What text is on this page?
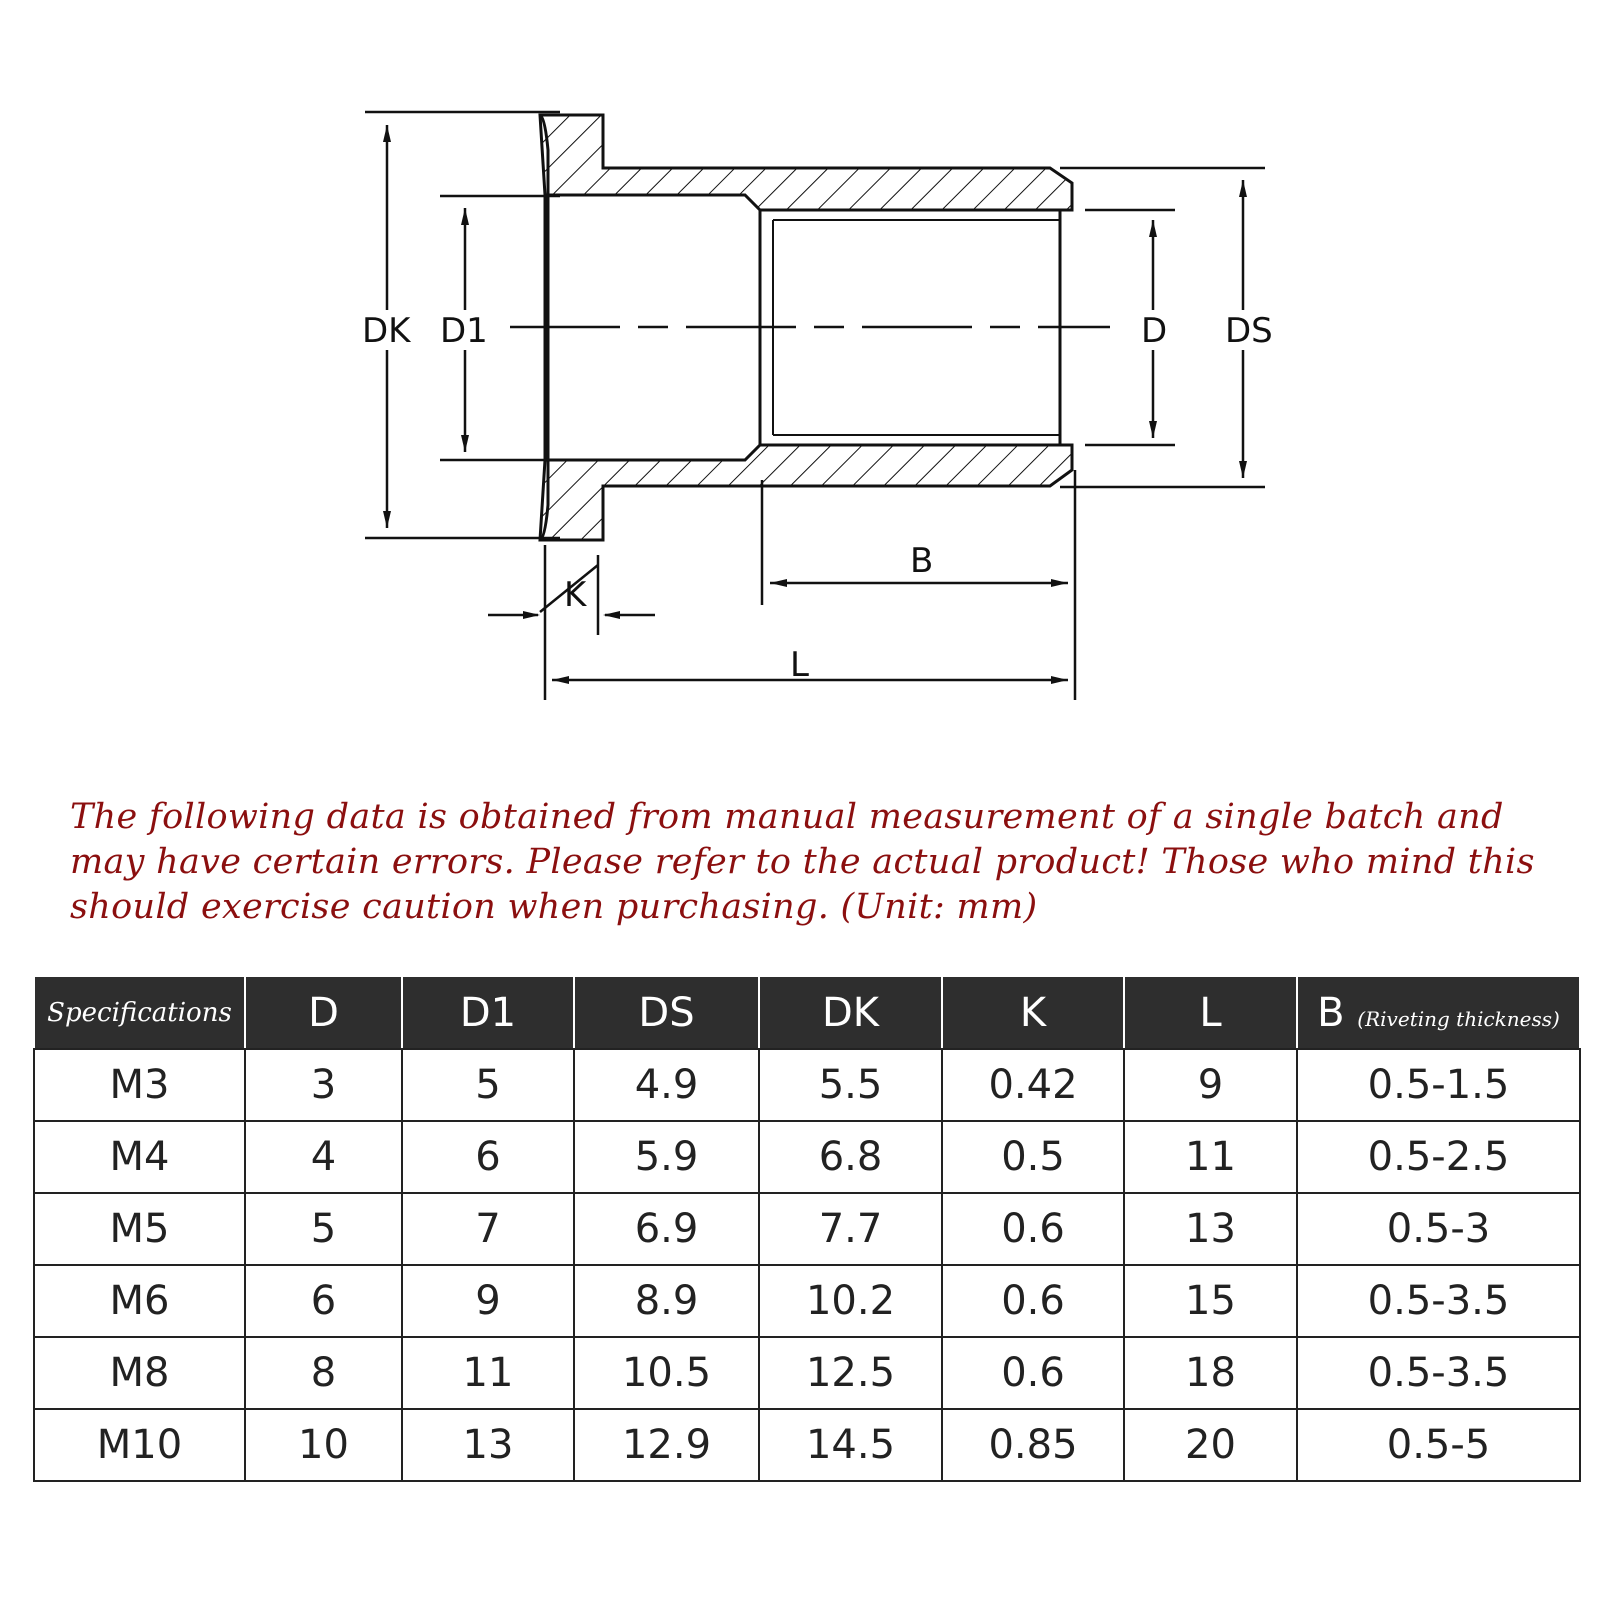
DK D1	D DS
K
B
L
The following data is obtained from manual measurement of a single batch and may have certain errors. Please refer to the actual product! Those who mind this should exercise caution when purchasing. (Unit: mm)
Specifications	D	D1	DS	DK	K	L	B (Riveting thickness)
M3	3	5	4.9	5.5	0.42	9	0.5-1.5
M4	4	6	5.9	6.8	0.5	11	0.5-2.5
M5	5	7	6.9	7.7	0.6	13	0.5-3
M6	6	9	8.9	10.2	0.6	15	0.5-3.5
M8	8	11	10.5	12.5	0.6	18	0.5-3.5
M10	10	13	12.9	14.5	0.85	20	0.5-5
